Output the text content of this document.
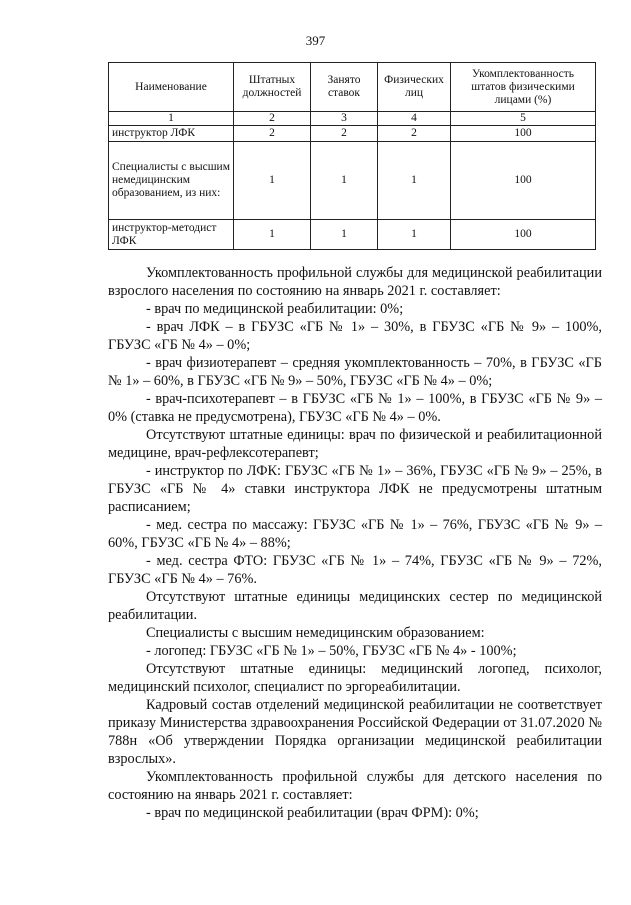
397
Наименование	Штатных должностей	Занято ставок	Физических лиц	Укомплектованность штатов физическими лицами (%)
1	2	3	4	5
инструктор ЛФК	2	2	2	100
Специалисты с высшим немедицинским образованием, из них:	1	1	1	100
инструктор-методист ЛФК	1	1	1	100

Укомплектованность профильной службы для медицинской реабилитации взрослого населения по состоянию на январь 2021 г. составляет:

- врач по медицинской реабилитации: 0%;

- врач ЛФК – в ГБУЗС «ГБ № 1» – 30%, в ГБУЗС «ГБ № 9» – 100%, ГБУЗС «ГБ № 4» – 0%;

- врач физиотерапевт – средняя укомплектованность – 70%, в ГБУЗС «ГБ № 1» – 60%, в ГБУЗС «ГБ № 9» – 50%, ГБУЗС «ГБ № 4» – 0%;

- врач-психотерапевт – в ГБУЗС «ГБ № 1» – 100%, в ГБУЗС «ГБ № 9» – 0% (ставка не предусмотрена), ГБУЗС «ГБ № 4» – 0%.

Отсутствуют штатные единицы: врач по физической и реабилитационной медицине, врач-рефлексотерапевт;

- инструктор по ЛФК: ГБУЗС «ГБ № 1» – 36%, ГБУЗС «ГБ № 9» – 25%, в ГБУЗС «ГБ № 4» ставки инструктора ЛФК не предусмотрены штатным расписанием;

- мед. сестра по массажу: ГБУЗС «ГБ № 1» – 76%, ГБУЗС «ГБ № 9» – 60%, ГБУЗС «ГБ № 4» – 88%;

- мед. сестра ФТО: ГБУЗС «ГБ № 1» – 74%, ГБУЗС «ГБ № 9» – 72%, ГБУЗС «ГБ № 4» – 76%.

Отсутствуют штатные единицы медицинских сестер по медицинской реабилитации.

Специалисты с высшим немедицинским образованием:

- логопед: ГБУЗС «ГБ № 1» – 50%, ГБУЗС «ГБ № 4» - 100%;

Отсутствуют штатные единицы: медицинский логопед, психолог, медицинский психолог, специалист по эргореабилитации.

Кадровый состав отделений медицинской реабилитации не соответствует приказу Министерства здравоохранения Российской Федерации от 31.07.2020 № 788н «Об утверждении Порядка организации медицинской реабилитации взрослых».

Укомплектованность профильной службы для детского населения по состоянию на январь 2021 г. составляет:

- врач по медицинской реабилитации (врач ФРМ): 0%;
